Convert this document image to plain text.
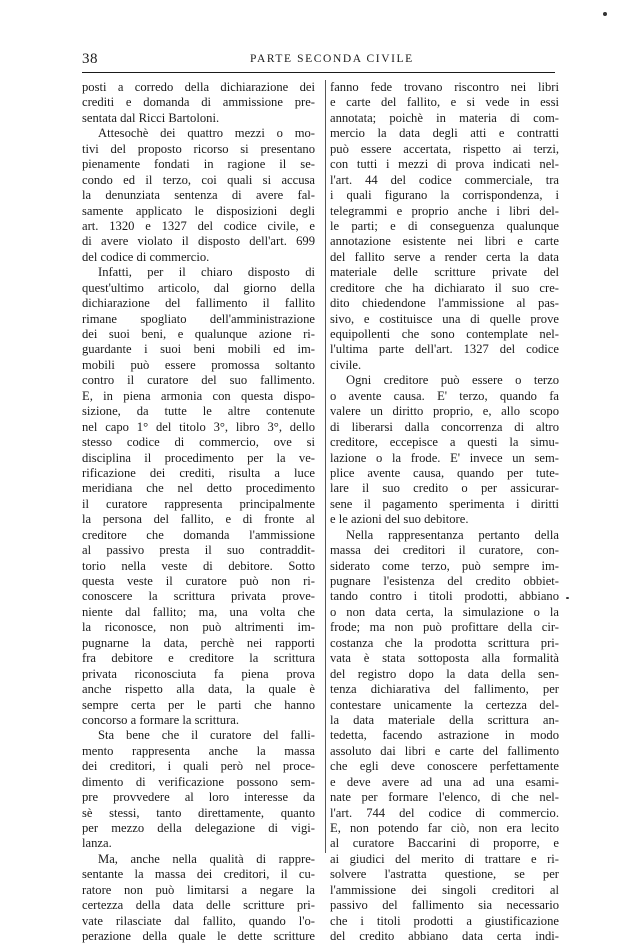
38	PARTE SECONDA CIVILE
posti a corredo della dichiarazione dei
crediti e domanda di ammissione pre-
sentata dal Ricci Bartoloni.
Attesochè dei quattro mezzi o mo-
tivi del proposto ricorso si presentano
pienamente fondati in ragione il se-
condo ed il terzo, coi quali si accusa
la denunziata sentenza di avere fal-
samente applicato le disposizioni degli
art. 1320 e 1327 del codice civile, e
di avere violato il disposto dell'art. 699
del codice di commercio.
Infatti, per il chiaro disposto di
quest'ultimo articolo, dal giorno della
dichiarazione del fallimento il fallito
rimane spogliato dell'amministrazione
dei suoi beni, e qualunque azione ri-
guardante i suoi beni mobili ed im-
mobili può essere promossa soltanto
contro il curatore del suo fallimento.
E, in piena armonia con questa dispo-
sizione, da tutte le altre contenute
nel capo 1° del titolo 3°, libro 3°, dello
stesso codice di commercio, ove si
disciplina il procedimento per la ve-
rificazione dei crediti, risulta a luce
meridiana che nel detto procedimento
il curatore rappresenta principalmente
la persona del fallito, e di fronte al
creditore che domanda l'ammissione
al passivo presta il suo contraddit-
torio nella veste di debitore. Sotto
questa veste il curatore può non ri-
conoscere la scrittura privata prove-
niente dal fallito; ma, una volta che
la riconosce, non può altrimenti im-
pugnarne la data, perchè nei rapporti
fra debitore e creditore la scrittura
privata riconosciuta fa piena prova
anche rispetto alla data, la quale è
sempre certa per le parti che hanno
concorso a formare la scrittura.
Sta bene che il curatore del falli-
mento rappresenta anche la massa
dei creditori, i quali però nel proce-
dimento di verificazione possono sem-
pre provvedere al loro interesse da
sè stessi, tanto direttamente, quanto
per mezzo della delegazione di vigi-
lanza.
Ma, anche nella qualità di rappre-
sentante la massa dei creditori, il cu-
ratore non può limitarsi a negare la
certezza della data delle scritture pri-
vate rilasciate dal fallito, quando l'o-
perazione della quale le dette scritture
fanno fede trovano riscontro nei libri
e carte del fallito, e si vede in essi
annotata; poichè in materia di com-
mercio la data degli atti e contratti
può essere accertata, rispetto ai terzi,
con tutti i mezzi di prova indicati nel-
l'art. 44 del codice commerciale, tra
i quali figurano la corrispondenza, i
telegrammi e proprio anche i libri del-
le parti; e di conseguenza qualunque
annotazione esistente nei libri e carte
del fallito serve a render certa la data
materiale delle scritture private del
creditore che ha dichiarato il suo cre-
dito chiedendone l'ammissione al pas-
sivo, e costituisce una di quelle prove
equipollenti che sono contemplate nel-
l'ultima parte dell'art. 1327 del codice
civile.
Ogni creditore può essere o terzo
o avente causa. E' terzo, quando fa
valere un diritto proprio, e, allo scopo
di liberarsi dalla concorrenza di altro
creditore, eccepisce a questi la simu-
lazione o la frode. E' invece un sem-
plice avente causa, quando per tute-
lare il suo credito o per assicurar-
sene il pagamento sperimenta i diritti
e le azioni del suo debitore.
Nella rappresentanza pertanto della
massa dei creditori il curatore, con-
siderato come terzo, può sempre im-
pugnare l'esistenza del credito obbiet-
tando contro i titoli prodotti, abbiano
o non data certa, la simulazione o la
frode; ma non può profittare della cir-
costanza che la prodotta scrittura pri-
vata è stata sottoposta alla formalità
del registro dopo la data della sen-
tenza dichiarativa del fallimento, per
contestare unicamente la certezza del-
la data materiale della scrittura an-
tedetta, facendo astrazione in modo
assoluto dai libri e carte del fallimento
che egli deve conoscere perfettamente
e deve avere ad una ad una esami-
nate per formare l'elenco, di che nel-
l'art. 744 del codice di commercio.
E, non potendo far ciò, non era lecito
al curatore Baccarini di proporre, e
ai giudici del merito di trattare e ri-
solvere l'astratta questione, se per
l'ammissione dei singoli creditori al
passivo del fallimento sia necessario
che i titoli prodotti a giustificazione
del credito abbiano data certa indi-
